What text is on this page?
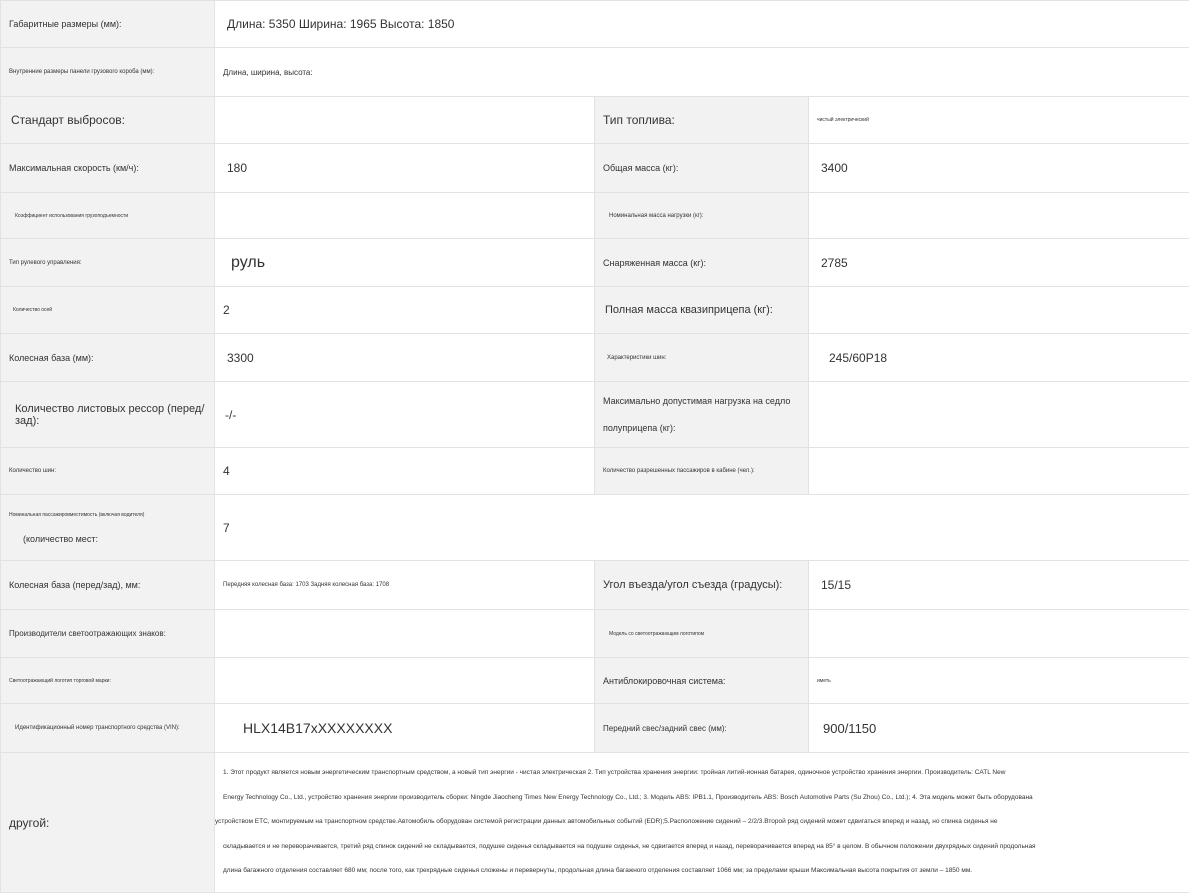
Габаритные размеры (мм):	Длина: 5350 Ширина: 1965 Высота: 1850		
Внутренние размеры панели грузового короба (мм):	Длина, ширина, высота:		
Стандарт выбросов:		Тип топлива:	чистый электрический
Максимальная скорость (км/ч):	180	Общая масса (кг):	3400
Коэффициент использования грузоподъемности		Номинальная масса нагрузки (кг):	
Тип рулевого управления:	руль	Снаряженная масса (кг):	2785
Количество осей	2	Полная масса квазиприцепа (кг):	
Колесная база (мм):	3300	Характеристики шин:	245/60P18
Количество листовых рессор (перед/зад):	-/-	Максимально допустимая нагрузка на седло

полуприцепа (кг):	

Количество шин:	4	Количество разрешенных пассажиров в кабине (чел.):	

Номинальная пассажировместимость (включая водителя)

(количество мест:	7		
Колесная база (перед/зад), мм:	Передняя колесная база: 1703 Задняя колесная база: 1708	Угол въезда/угол съезда (градусы):	15/15
Производители светоотражающих знаков:		Модель со светоотражающим логотипом	
Светоотражающий логотип торговой марки:		Антиблокировочная система:	иметь
Идентификационный номер транспортного средства (VIN):	HLX14B17xXXXXXXXX	Передний свес/задний свес (мм):	900/1150
другой:	1. Этот продукт является новым энергетическим транспортным средством, а новый тип энергии - чистая электрическая 2. Тип устройства хранения энергии: тройная литий-ионная батарея, одиночное устройство хранения энергии. Производитель: CATL New

Energy Technology Co., Ltd., устройство хранения энергии производитель сборки: Ningde Jiaocheng Times New Energy Technology Co., Ltd.; 3. Модель ABS: IPB1.1, Производитель ABS: Bosch Automotive Parts (Su Zhou) Co., Ltd.); 4. Эта модель может быть оборудована

устройством ETC, монтируемым на транспортном средстве.Автомобиль оборудован системой регистрации данных автомобильных событий (EDR);5.Расположение сидений – 2/2/3.Второй ряд сидений может сдвигаться вперед и назад, но спинка сиденья не

складывается и не переворачивается, третий ряд спинок сидений не складывается, подушке сиденья складывается на подушке сиденья, не сдвигается вперед и назад, переворачивается вперед на 85° в целом. В обычном положении двухрядных сидений продольная

длина багажного отделения составляет 680 мм; после того, как трехрядные сиденья сложены и перевернуты, продольная длина багажного отделения составляет 1066 мм; за пределами крыши Максимальная высота покрытия от земли – 1850 мм.		
